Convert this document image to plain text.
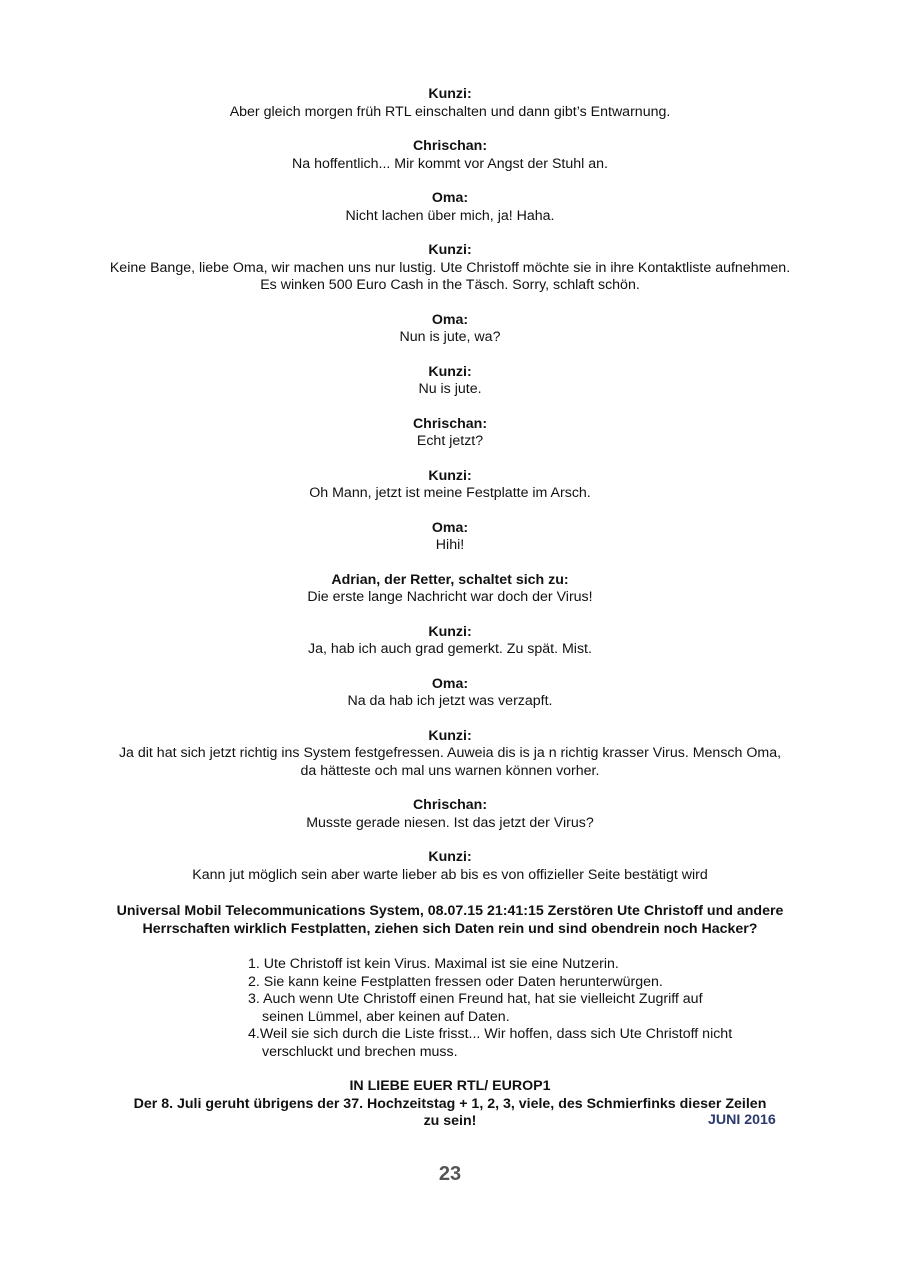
Kunzi:
Aber gleich morgen früh RTL einschalten und dann gibt’s Entwarnung.
Chrischan:
Na hoffentlich... Mir kommt vor Angst der Stuhl an.
Oma:
Nicht lachen über mich, ja! Haha.
Kunzi:
Keine Bange, liebe Oma, wir machen uns nur lustig. Ute Christoff möchte sie in ihre Kontaktliste aufnehmen.
Es winken 500 Euro Cash in the Täsch. Sorry, schlaft schön.
Oma:
Nun is jute, wa?
Kunzi:
Nu is jute.
Chrischan:
Echt jetzt?
Kunzi:
Oh Mann, jetzt ist meine Festplatte im Arsch.
Oma:
Hihi!
Adrian, der Retter, schaltet sich zu:
Die erste lange Nachricht war doch der Virus!
Kunzi:
Ja, hab ich auch grad gemerkt. Zu spät. Mist.
Oma:
Na da hab ich jetzt was verzapft.
Kunzi:
Ja dit hat sich jetzt richtig ins System festgefressen. Auweia dis is ja n richtig krasser Virus. Mensch Oma,
da hättestе och mal uns warnen können vorher.
Chrischan:
Musste gerade niesen. Ist das jetzt der Virus?
Kunzi:
Kann jut möglich sein aber warte lieber ab bis es von offizieller Seite bestätigt wird
Universal Mobil Telecommunications System, 08.07.15 21:41:15 Zerstören Ute Christoff und andere
Herrschaften wirklich Festplatten, ziehen sich Daten rein und sind obendrein noch Hacker?
1. Ute Christoff ist kein Virus. Maximal ist sie eine Nutzerin.
2. Sie kann keine Festplatten fressen oder Daten herunterwürgen.
3. Auch wenn Ute Christoff einen Freund hat, hat sie vielleicht Zugriff auf
seinen Lümmel, aber keinen auf Daten.
4.Weil sie sich durch die Liste frisst... Wir hoffen, dass sich Ute Christoff nicht
verschluckt und brechen muss.
IN LIEBE EUER RTL/ EUROP1
Der 8. Juli geruht übrigens der 37. Hochzeitstag + 1, 2, 3, viele, des Schmierfinks dieser Zeilen
zu sein!	JUNI 2016
23
